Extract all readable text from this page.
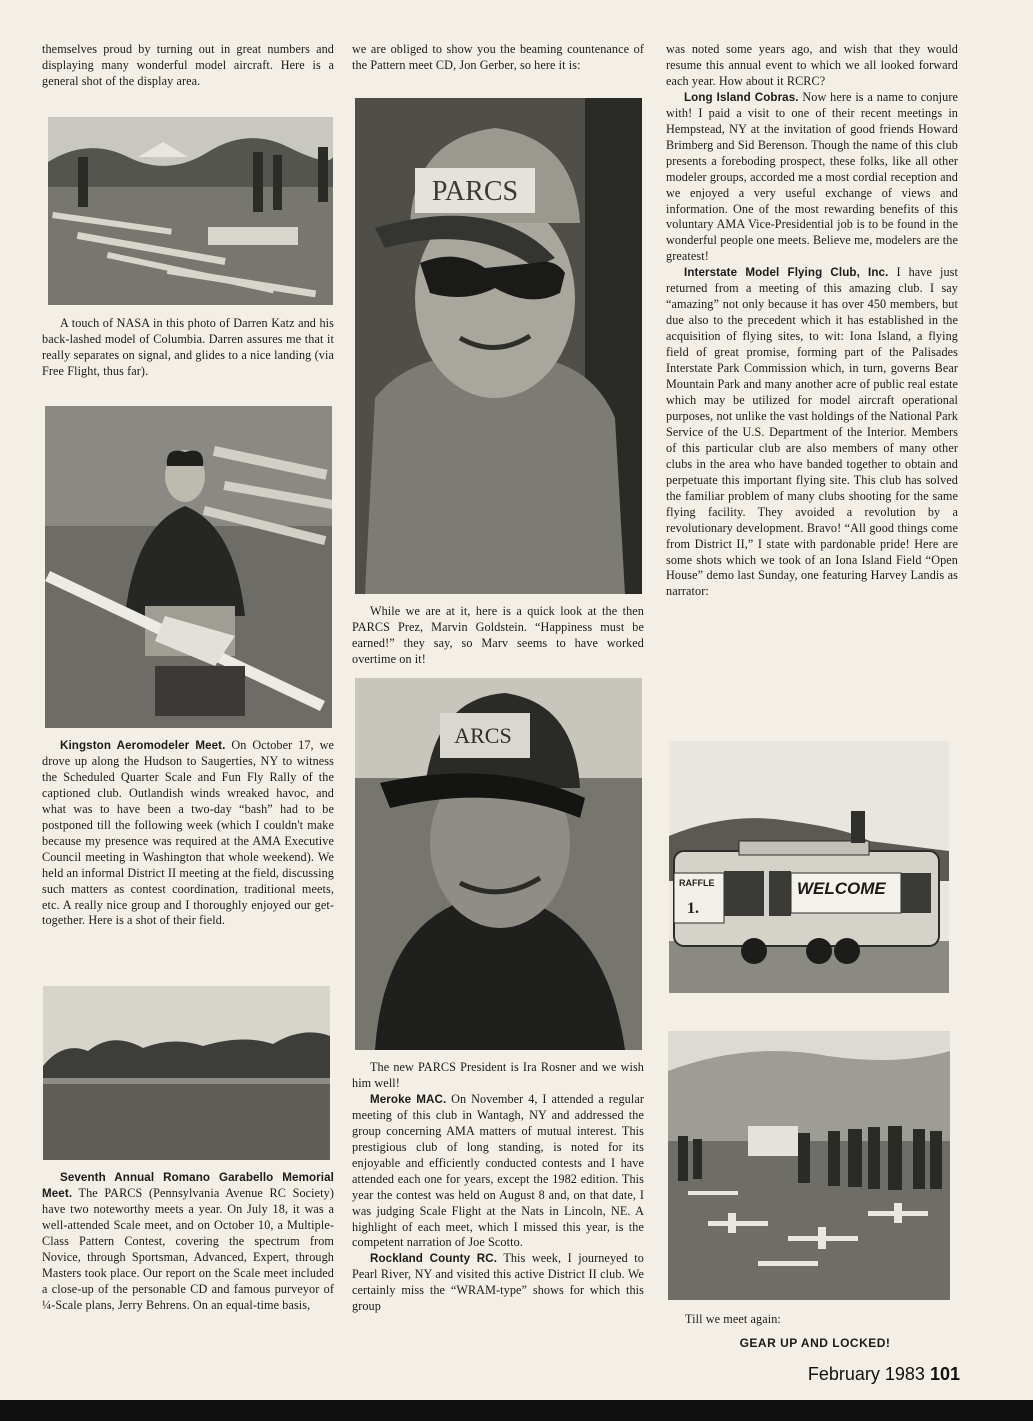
themselves proud by turning out in great numbers and displaying many wonderful model aircraft. Here is a general shot of the display area.

A touch of NASA in this photo of Darren Katz and his back-lashed model of Columbia. Darren assures me that it really separates on signal, and glides to a nice landing (via Free Flight, thus far).

Kingston Aeromodeler Meet. On October 17, we drove up along the Hudson to Saugerties, NY to witness the Scheduled Quarter Scale and Fun Fly Rally of the captioned club. Outlandish winds wreaked havoc, and what was to have been a two-day “bash” had to be postponed till the following week (which I couldn't make because my presence was required at the AMA Executive Council meeting in Washington that whole weekend). We held an informal District II meeting at the field, discussing such matters as contest coordination, traditional meets, etc. A really nice group and I thoroughly enjoyed our get-together. Here is a shot of their field.

Seventh Annual Romano Garabello Memorial Meet. The PARCS (Pennsylvania Avenue RC Society) have two noteworthy meets a year. On July 18, it was a well-attended Scale meet, and on October 10, a Multiple-Class Pattern Contest, covering the spectrum from Novice, through Sportsman, Advanced, Expert, through Masters took place. Our report on the Scale meet included a close-up of the personable CD and famous purveyor of ¼-Scale plans, Jerry Behrens. On an equal-time basis,

we are obliged to show you the beaming countenance of the Pattern meet CD, Jon Gerber, so here it is:

PARCS

While we are at it, here is a quick look at the then PARCS Prez, Marvin Goldstein. “Happiness must be earned!” they say, so Marv seems to have worked overtime on it!

ARCS

The new PARCS President is Ira Rosner and we wish him well!

Meroke MAC. On November 4, I attended a regular meeting of this club in Wantagh, NY and addressed the group concerning AMA matters of mutual interest. This prestigious club of long standing, is noted for its enjoyable and efficiently conducted contests and I have attended each one for years, except the 1982 edition. This year the contest was held on August 8 and, on that date, I was judging Scale Flight at the Nats in Lincoln, NE. A highlight of each meet, which I missed this year, is the competent narration of Joe Scotto.

Rockland County RC. This week, I journeyed to Pearl River, NY and visited this active District II club. We certainly miss the “WRAM-type” shows for which this group

was noted some years ago, and wish that they would resume this annual event to which we all looked forward each year. How about it RCRC?

Long Island Cobras. Now here is a name to conjure with! I paid a visit to one of their recent meetings in Hempstead, NY at the invitation of good friends Howard Brimberg and Sid Berenson. Though the name of this club presents a foreboding prospect, these folks, like all other modeler groups, accorded me a most cordial reception and we enjoyed a very useful exchange of views and information. One of the most rewarding benefits of this voluntary AMA Vice-Presidential job is to be found in the wonderful people one meets. Believe me, modelers are the greatest!

Interstate Model Flying Club, Inc. I have just returned from a meeting of this amazing club. I say “amazing” not only because it has over 450 members, but due also to the precedent which it has established in the acquisition of flying sites, to wit: Iona Island, a flying field of great promise, forming part of the Palisades Interstate Park Commission which, in turn, governs Bear Mountain Park and many another acre of public real estate which may be utilized for model aircraft operational purposes, not unlike the vast holdings of the National Park Service of the U.S. Department of the Interior. Members of this particular club are also members of many other clubs in the area who have banded together to obtain and perpetuate this important flying site. This club has solved the familiar problem of many clubs shooting for the same flying facility. They avoided a revolution by a revolutionary development. Bravo! “All good things come from District II,” I state with pardonable pride! Here are some shots which we took of an Iona Island Field “Open House” demo last Sunday, one featuring Harvey Landis as narrator:

RAFFLE
1.
WELCOME

Till we meet again:

GEAR UP AND LOCKED!

February 1983 101
